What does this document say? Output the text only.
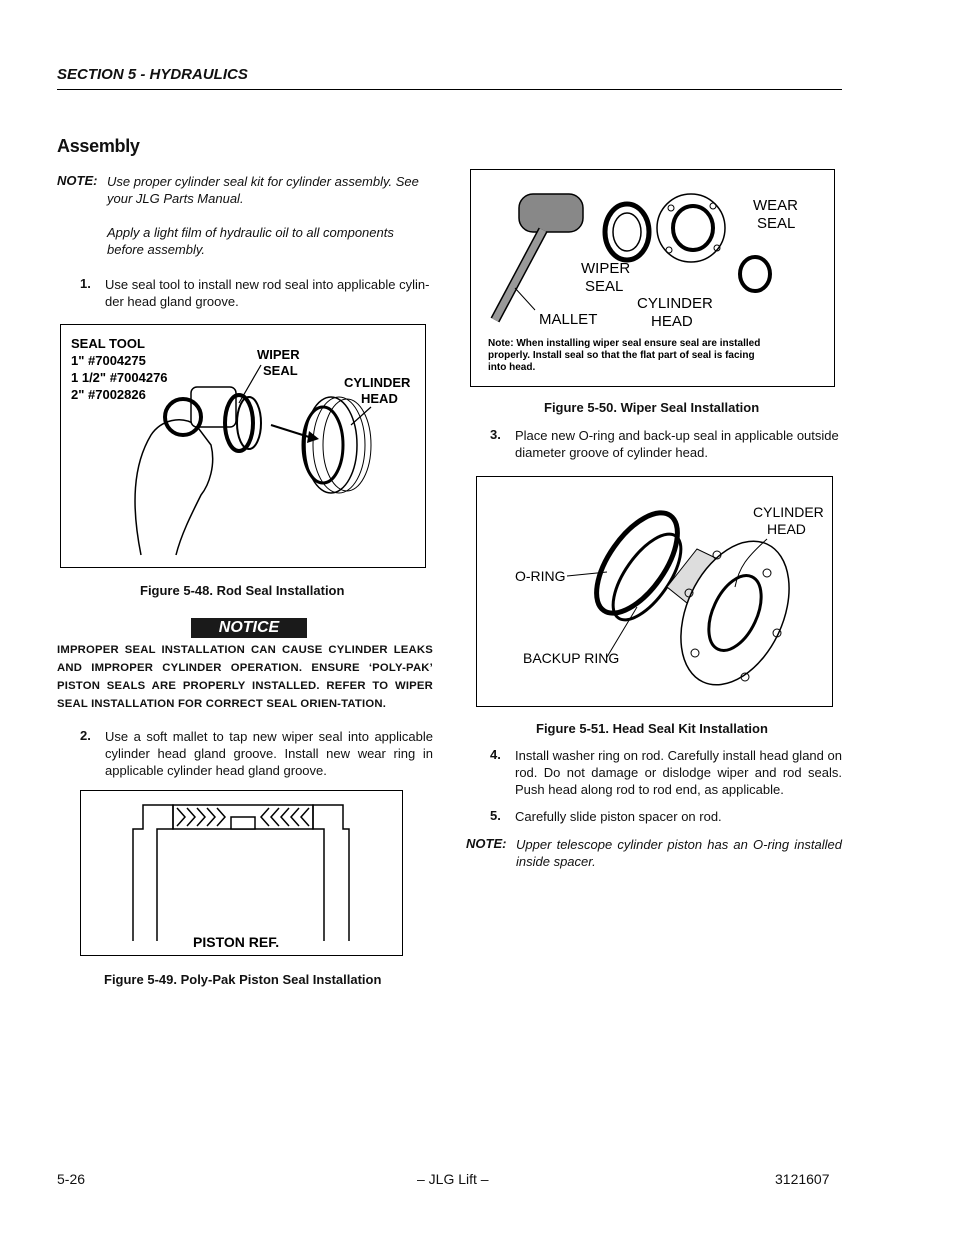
SECTION 5 - HYDRAULICS
Assembly
NOTE: Use proper cylinder seal kit for cylinder assembly. See your JLG Parts Manual.
Apply a light film of hydraulic oil to all components before assembly.
1. Use seal tool to install new rod seal into applicable cylin-der head gland groove.
SEAL TOOL
1" #7004275
1 1/2" #7004276
2" #7002826
WIPER
SEAL
CYLINDER
HEAD
Figure 5-48. Rod Seal Installation
NOTICE
IMPROPER SEAL INSTALLATION CAN CAUSE CYLINDER LEAKS AND IMPROPER CYLINDER OPERATION. ENSURE ‘POLY-PAK’ PISTON SEALS ARE PROPERLY INSTALLED. REFER TO WIPER SEAL INSTALLATION FOR CORRECT SEAL ORIEN-TATION.
2. Use a soft mallet to tap new wiper seal into applicable cylinder head gland groove. Install new wear ring in applicable cylinder head gland groove.
PISTON REF.
Figure 5-49. Poly-Pak Piston Seal Installation
WEAR
SEAL
WIPER
SEAL
CYLINDER
HEAD
MALLET
Note: When installing wiper seal ensure seal are installed
properly. Install seal so that the flat part of seal is facing
into head.
Figure 5-50. Wiper Seal Installation
3. Place new O-ring and back-up seal in applicable outside diameter groove of cylinder head.
CYLINDER
HEAD
O-RING
BACKUP RING
Figure 5-51. Head Seal Kit Installation
4. Install washer ring on rod. Carefully install head gland on rod. Do not damage or dislodge wiper and rod seals. Push head along rod to rod end, as applicable.
5. Carefully slide piston spacer on rod.
NOTE: Upper telescope cylinder piston has an O-ring installed inside spacer.
5-26	– JLG Lift –	3121607
